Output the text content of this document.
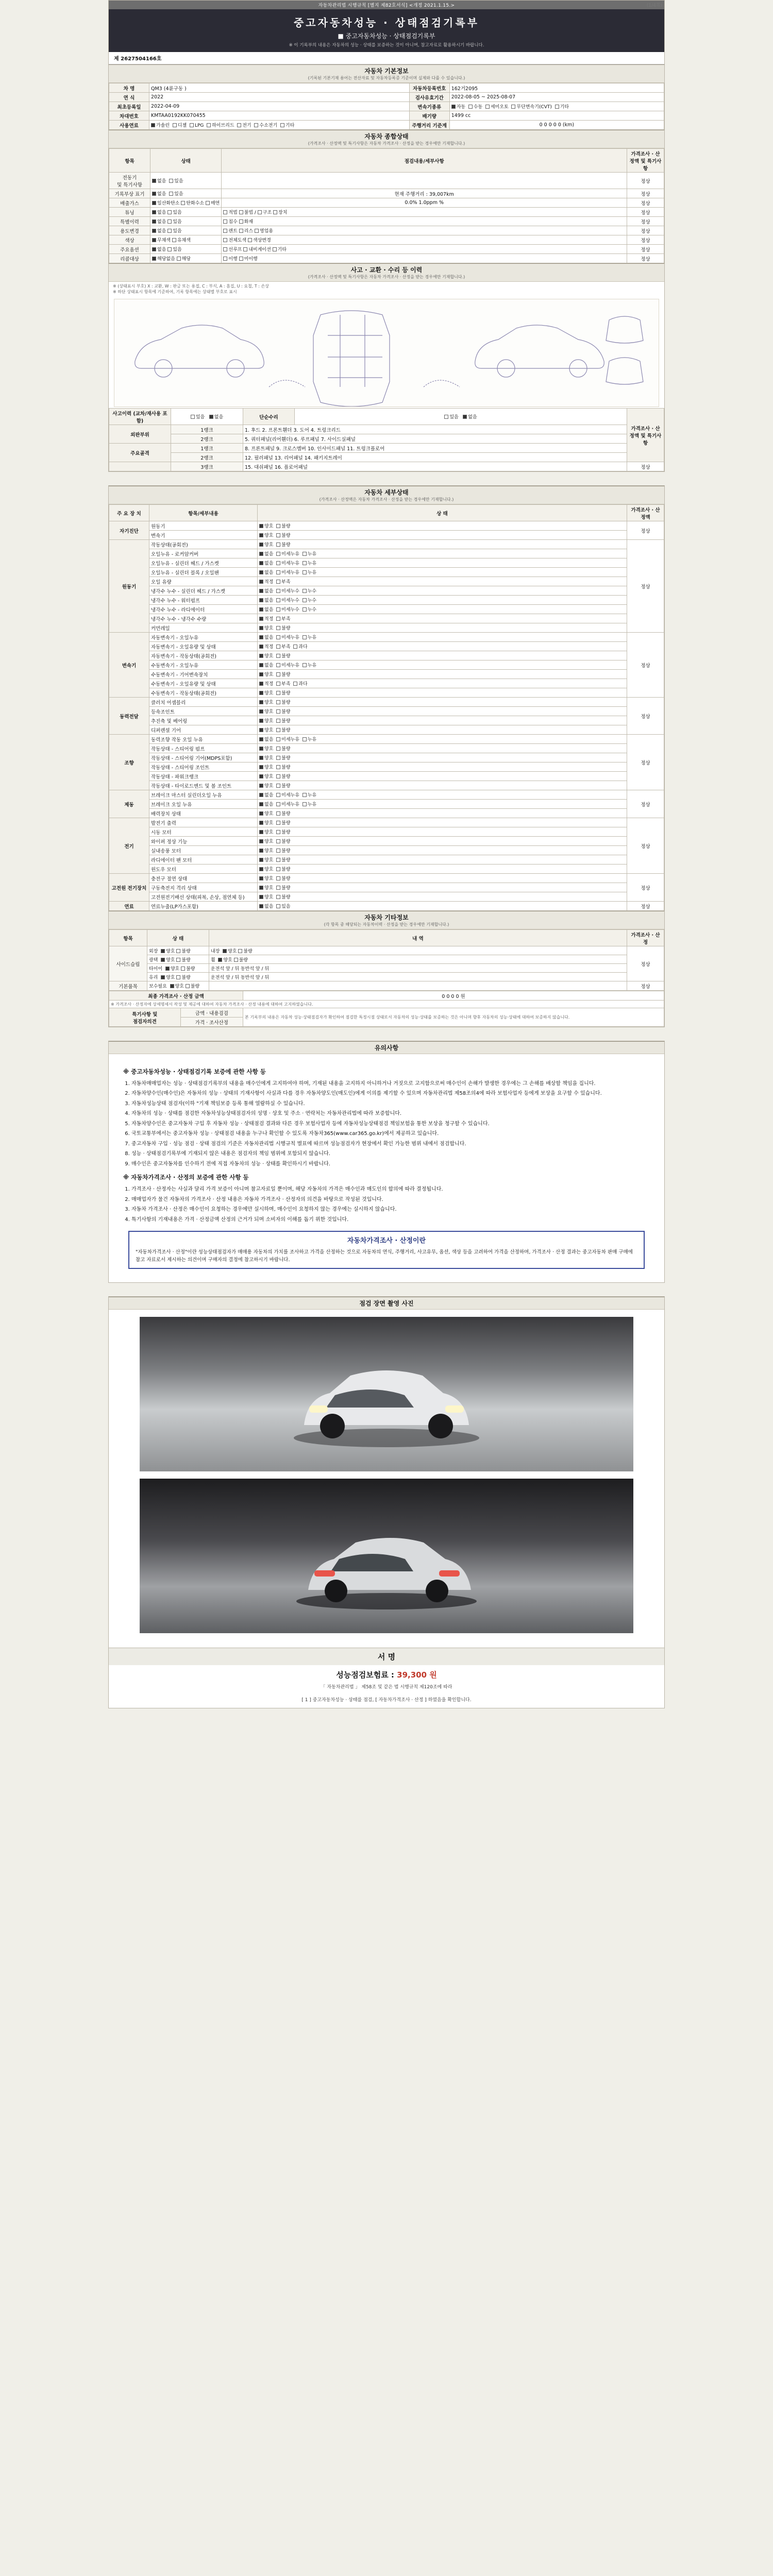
(1/4쪽)
자동차관리법 시행규칙 [별지 제82호서식] <개정 2021.1.15.>
중고자동차성능 · 상태점검기록부
■ 중고자동차성능 · 상태점검기록부
※ 이 기록부의 내용은 자동차의 성능 · 상태를 보증하는 것이 아니며, 참고자료로 활용하시기 바랍니다.
제 2627504166호
자동차 기본정보
(기록된 기본기재 용어는 전산자료 및 자동차등록증 기준이며 실제와 다를 수 있습니다.)
차 명	QM3 (4륜구동 )	자동차등록번호	162거2095
연 식	2022	검사유효기간	2022-08-05 ~ 2025-08-07
최초등록일	2022-04-09	변속기종류	자동  수동  세미오토  무단변속기(CVT)  기타
차대번호	KMTAA0192KK070455	배기량	1499 cc
사용연료	가솔린  디젤  LPG  하이브리드  전기  수소전기  기타	주행거리 기준계	0 0 0 0 0 (km)
자동차 종합상태
(가격조사 · 산정액 및 특기사항은 자동차 가격조사 · 산정을 받는 경우에만 기재합니다.)
항목	상태	점검내용/세부사항	가격조사 · 산정액 및 특기사항
전동기
및 특기사항	없음  있음		정상
기록부상 표기	없음  있음	현재 주행거리 : 39,007km	정상
배출가스	일산화탄소 탄화수소 매연	0.0% 1.0ppm %	정상
튜닝	없음 있음	적법 불법 / 구조 장치	정상
특별이력	없음 있음	침수 화재	정상
용도변경	없음 있음	렌트 리스 영업용	정상
색상	무채색 유채색	전체도색 색상변경	정상
주요옵션	없음 있음	선루프 내비게이션 기타	정상
리콜대상	해당없음 해당	이행 미이행	정상
사고 · 교환 · 수리 등 이력
(가격조사 · 산정액 및 특기사항은 자동차 가격조사 · 산정을 받는 경우에만 기재합니다.)
※ (상태표시 부호) X : 교환, W : 판금 또는 용접, C : 부식, A : 흠집, U : 요철, T : 손상
※ 하단 상태표시 항목에 기준하여, 기록 항목에는 상태별 부호로 표시
사고이력 (교차/재사용 포함)	있음   없음	단순수리	있음   없음	가격조사 · 산정액 및 특기사항
외판부위	1랭크	1. 후드 2. 프론트휀더 3. 도어 4. 트렁크리드		
	2랭크	5. 쿼터패널(리어휀더) 6. 루프패널 7. 사이드실패널		
주요골격	1랭크	8. 프론트패널 9. 크로스멤버 10. 인사이드패널 11. 트렁크플로어		
	2랭크	12. 필러패널 13. 리어패널 14. 패키지트레이		
	3랭크	15. 대쉬패널 16. 플로어패널		정상
자동차 세부상태
(가격조사 · 산정액은 자동차 가격조사 · 산정을 받는 경우에만 기재합니다.)
주 요 장 치	항목/세부내용	상 태	가격조사 · 산정액
자기진단	원동기	양호  불량	정상
	변속기	양호  불량	
원동기	작동상태(공회전)	양호  불량	정상
	오일누유 - 로커암커버	없음  미세누유  누유	
	오일누유 - 실린더 헤드 / 가스켓	없음  미세누유  누유	
	오일누유 - 실린더 블록 / 오일팬	없음  미세누유  누유	
	오일 유량	적정  부족	
	냉각수 누수 - 실린더 헤드 / 가스켓	없음  미세누수  누수	
	냉각수 누수 - 워터펌프	없음  미세누수  누수	
	냉각수 누수 - 라디에이터	없음  미세누수  누수	
	냉각수 누수 - 냉각수 수량	적정  부족	
	커먼레일	양호  불량	
변속기	자동변속기 - 오일누유	없음  미세누유  누유	정상
	자동변속기 - 오일유량 및 상태	적정  부족  과다	
	자동변속기 - 작동상태(공회전)	양호  불량	
	수동변속기 - 오일누유	없음  미세누유  누유	
	수동변속기 - 기어변속장치	양호  불량	
	수동변속기 - 오일유량 및 상태	적정  부족  과다	
	수동변속기 - 작동상태(공회전)	양호  불량	
동력전달	클러치 어셈블리	양호  불량	정상
	등속조인트	양호  불량	
	추진축 및 베어링	양호  불량	
	디퍼렌셜 기어	양호  불량	
조향	동력조향 작동 오일 누유	없음  미세누유  누유	정상
	작동상태 - 스티어링 펌프	양호  불량	
	작동상태 - 스티어링 기어(MDPS포함)	양호  불량	
	작동상태 - 스티어링 조인트	양호  불량	
	작동상태 - 파워크랭크	양호  불량	
	작동상태 - 타이로드엔드 및 볼 조인트	양호  불량	
제동	브레이크 마스터 실린더오일 누유	없음  미세누유  누유	정상
	브레이크 오일 누유	없음  미세누유  누유	
	배력장치 상태	양호  불량	
전기	발전기 출력	양호  불량	정상
	시동 모터	양호  불량	
	와이퍼 정상 기능	양호  불량	
	실내송풍 모터	양호  불량	
	라디에이터 팬 모터	양호  불량	
	윈도우 모터	양호  불량	
고전원 전기장치	충전구 절연 상태	양호  불량	정상
	구동축전지 격리 상태	양호  불량	
	고전원전기배선 상태(피복, 손상, 점연체 등)	양호  불량	
연료	연료누출(LP가스포함)	없음  있음	정상
자동차 기타정보
(각 항목 중 해당되는 자동차이력 · 산정을 받는 경우에만 기재합니다.)
항목	상 태	내 역	가격조사 · 산정
사이드슬립	외장  양호 불량	내장  양호 불량	정상
	광택  양호 불량	휠  양호 불량	
	타이어  양호 불량	운전석 앞 / 뒤 동반석 앞 / 뒤	
	유리  양호 불량	운전석 앞 / 뒤 동반석 앞 / 뒤	
기본품목	보수필요  양호 불량		정상
최종 가격조사 · 산정 금액		0 0 0 0 원
※ 가격조사 · 산정자에 상세명세서 작성 및 제공에 대하여 자동차 가격조사 · 산정 내용에 대하여 고지하였습니다.		
특기사항 및
점검자의견	금액 · 내용검검	본 기록부의 내용은 자동차 성능·상태점검자가 확인하여 점검한 특정시점 상태로서 자동차의 성능·상태를 보증하는 것은 아니며 향후 자동차의 성능·상태에 대하여 보증하지 않습니다.
	가격 · 조사산정	
유의사항
※ 중고자동차성능 · 상태점검기록 보증에 관한 사항 등
1. 자동차매매업자는 성능 · 상태점검기록부의 내용을 매수인에게 고지하여야 하며, 기재된 내용을 고지하지 아니하거나 거짓으로 고지함으로써 매수인이 손해가 발생한 경우에는 그 손해를 배상할 책임을 집니다.
2. 자동차양수인(매수인)은 자동차의 성능 · 상태의 기재사항이 사실과 다를 경우 자동차양도인(매도인)에게 이의를 제기할 수 있으며 자동차관리법 제58조의4에 따라 보험사업자 등에게 보상을 요구할 수 있습니다.
3. 자동차성능상태 점검자(이하 "기재 책임보증 등록 통해 열람하실 수 있습니다.
4. 자동차의 성능 · 상태를 점검한 자동차성능상태점검자의 성명 · 상호 및 주소 · 연락처는 자동차관리법에 따라 보증합니다.
5. 자동차양수인은 중고자동차 구입 후 자동차 성능 · 상태점검 결과와 다른 경우 보험사업자 등에 자동차성능상태점검 책임보험을 통한 보상을 청구할 수 있습니다.
6. 국토교통부에서는 중고자동차 성능 · 상태점검 내용을 누구나 확인할 수 있도록 자동차365(www.car365.go.kr)에서 제공하고 있습니다.
7. 중고자동차 구입 · 성능 점검 · 상태 점검의 기준은 자동차관리법 시행규칙 별표에 따르며 성능점검자가 현장에서 확인 가능한 범위 내에서 점검합니다.
8. 성능 · 상태점검기록부에 기재되지 않은 내용은 점검자의 책임 범위에 포함되지 않습니다.
9. 매수인은 중고자동차를 인수하기 전에 직접 자동차의 성능 · 상태를 확인하시기 바랍니다.
※ 자동차가격조사 · 산정의 보증에 관한 사항 등
1. 가격조사 · 산정자는 사실과 달리 가격 보증이 아니며 참고자료일 뿐이며, 해당 자동차의 가격은 매수인과 매도인의 합의에 따라 결정됩니다.
2. 매매업자가 물건 자동차의 가격조사 · 산정 내용은 자동차 가격조사 · 산정자의 의견을 바탕으로 작성된 것입니다.
3. 자동차 가격조사 · 산정은 매수인이 요청하는 경우에만 실시하며, 매수인이 요청하지 않는 경우에는 실시하지 않습니다.
4. 특기사항의 기재내용은 가격 · 산정금액 산정의 근거가 되며 소비자의 이해를 돕기 위한 것입니다.
자동차가격조사 · 산정이란

"자동차가격조사 · 산정"이란 성능상태점검자가 매매용 자동차의 가치를 조사하고 가격을 산정하는 것으로 자동차의 연식, 주행거리, 사고유무, 옵션, 색상 등을 고려하여 가격을 산정하며, 가격조사 · 산정 결과는 중고자동차 판매 구매에 참고 자료로서 제시하는 의견이며 구매자의 결정에 참고하시기 바랍니다.

점검 장면 촬영 사진
서 명
성능점검보험료 : 39,300 원
「 자동차관리법 」 제58조 및 같은 법 시행규칙 제120조에 따라
[ 1 ] 중고자동차성능 · 상태를 점검, [ 자동차가격조사 · 산정 ] 하였음을 확인합니다.
